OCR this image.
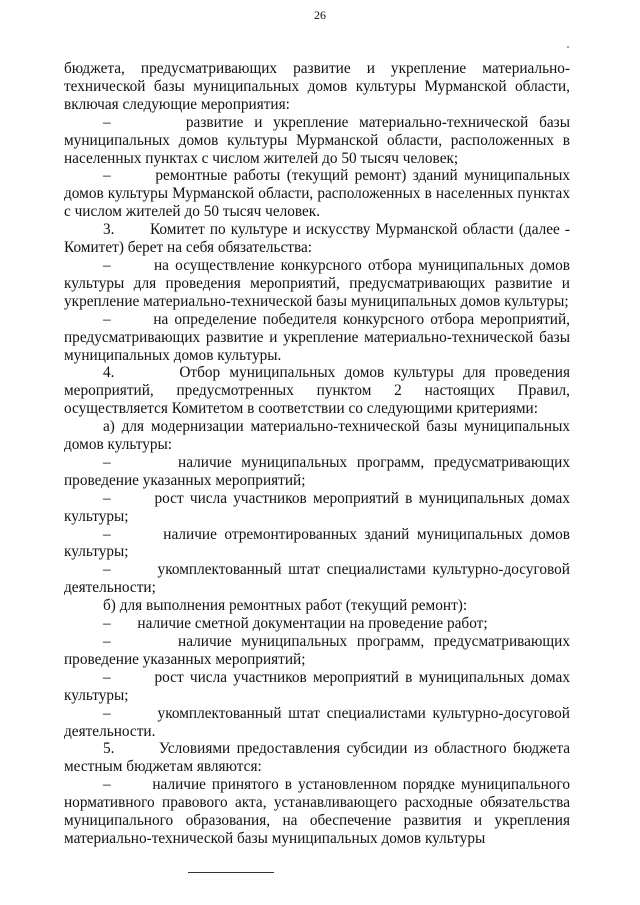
26

бюджета, предусматривающих развитие и укрепление материально-технической базы муниципальных домов культуры Мурманской области, включая следующие мероприятия:

–       развитие и укрепление материально-технической базы муниципальных домов культуры Мурманской области, расположенных в населенных пунктах с числом жителей до 50 тысяч человек;

–       ремонтные работы (текущий ремонт) зданий муниципальных домов культуры Мурманской области, расположенных в населенных пунктах с числом жителей до 50 тысяч человек.

3.       Комитет по культуре и искусству Мурманской области (далее - Комитет) берет на себя обязательства:

–       на осуществление конкурсного отбора муниципальных домов культуры для проведения мероприятий, предусматривающих развитие и укрепление материально-технической базы муниципальных домов культуры;

–       на определение победителя конкурсного отбора мероприятий, предусматривающих развитие и укрепление материально-технической базы муниципальных домов культуры.

4.       Отбор муниципальных домов культуры для проведения мероприятий, предусмотренных пунктом 2 настоящих Правил, осуществляется Комитетом в соответствии со следующими критериями:

а) для модернизации материально-технической базы муниципальных домов культуры:

–       наличие муниципальных программ, предусматривающих проведение указанных мероприятий;

–       рост числа участников мероприятий в муниципальных домах культуры;

–       наличие отремонтированных зданий муниципальных домов культуры;

–       укомплектованный штат специалистами культурно-досуговой деятельности;

б) для выполнения ремонтных работ (текущий ремонт):

–       наличие сметной документации на проведение работ;

–       наличие муниципальных программ, предусматривающих проведение указанных мероприятий;

–       рост числа участников мероприятий в муниципальных домах культуры;

–       укомплектованный штат специалистами культурно-досуговой деятельности.

5.       Условиями предоставления субсидии из областного бюджета местным бюджетам являются:

–       наличие принятого в установленном порядке муниципального нормативного правового акта, устанавливающего расходные обязательства муниципального образования, на обеспечение развития и укрепления материально-технической базы муниципальных домов культуры
